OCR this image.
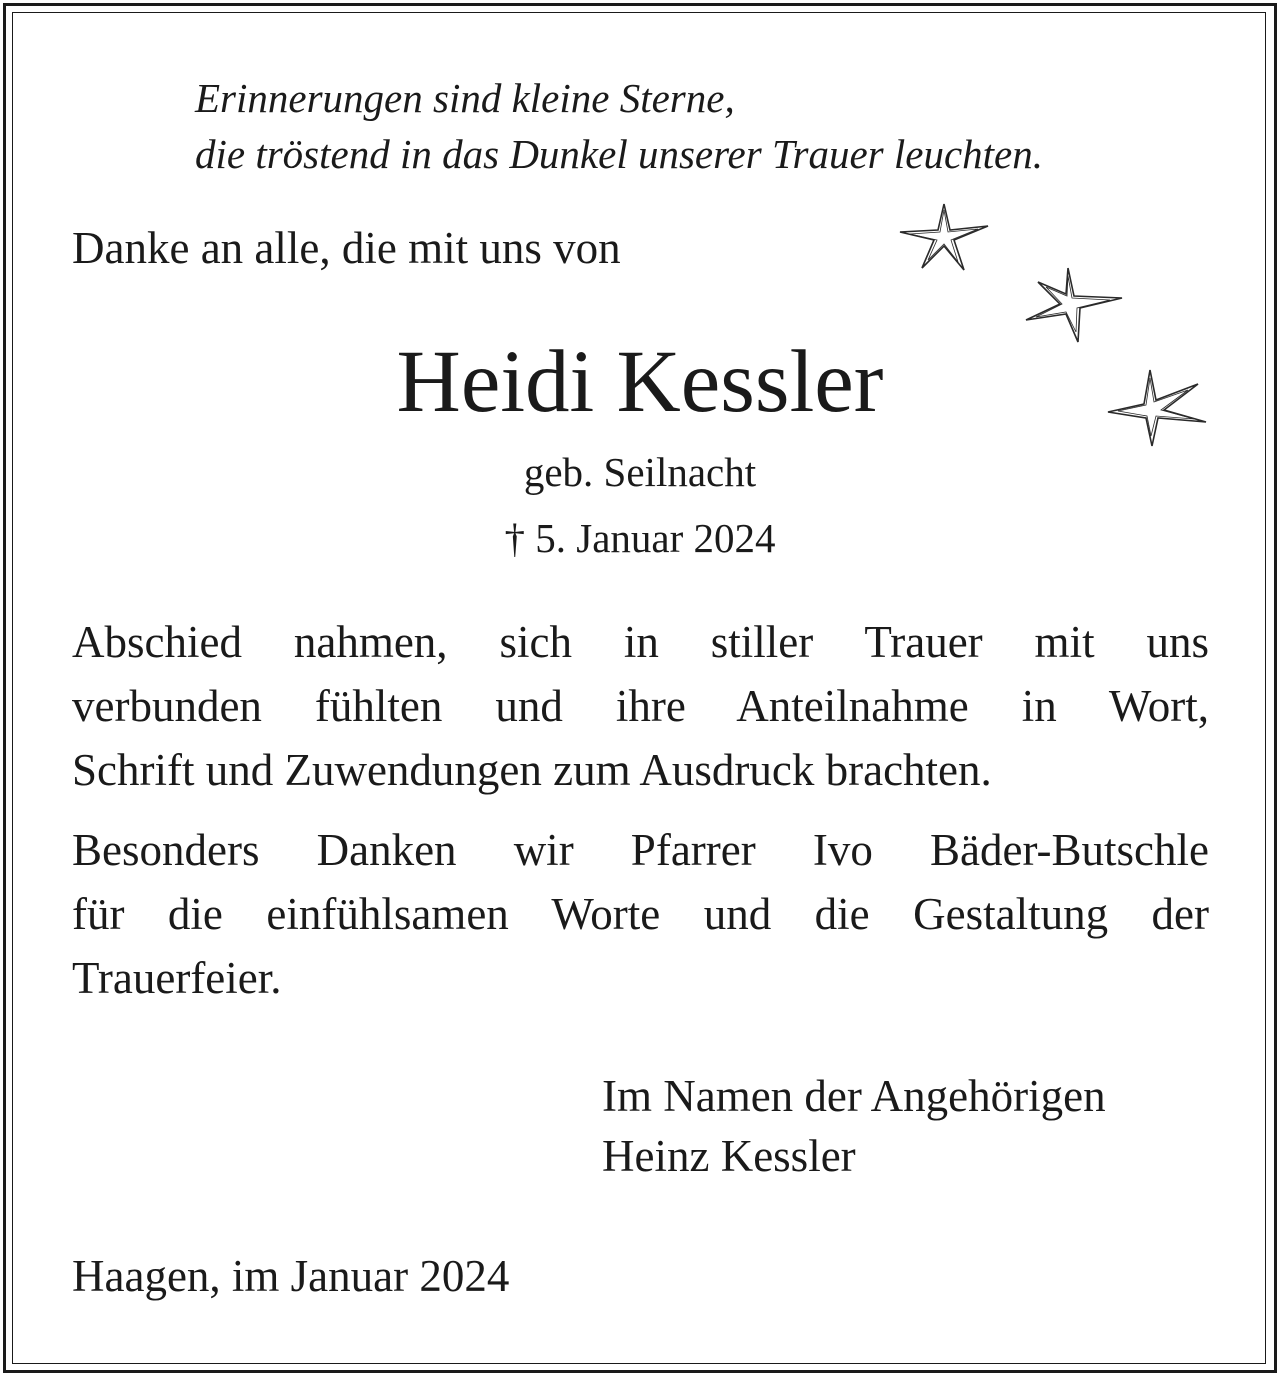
Erinnerungen sind kleine Sterne,
die tröstend in das Dunkel unserer Trauer leuchten.
Danke an alle, die mit uns von
Heidi Kessler
geb. Seilnacht
† 5. Januar 2024
Abschied nahmen, sich in stiller Trauer mit uns
verbunden fühlten und ihre Anteilnahme in Wort,
Schrift und Zuwendungen zum Ausdruck brachten.
Besonders Danken wir Pfarrer Ivo Bäder-Butschle
für die einfühlsamen Worte und die Gestaltung der
Trauerfeier.
Im Namen der Angehörigen
Heinz Kessler
Haagen, im Januar 2024
